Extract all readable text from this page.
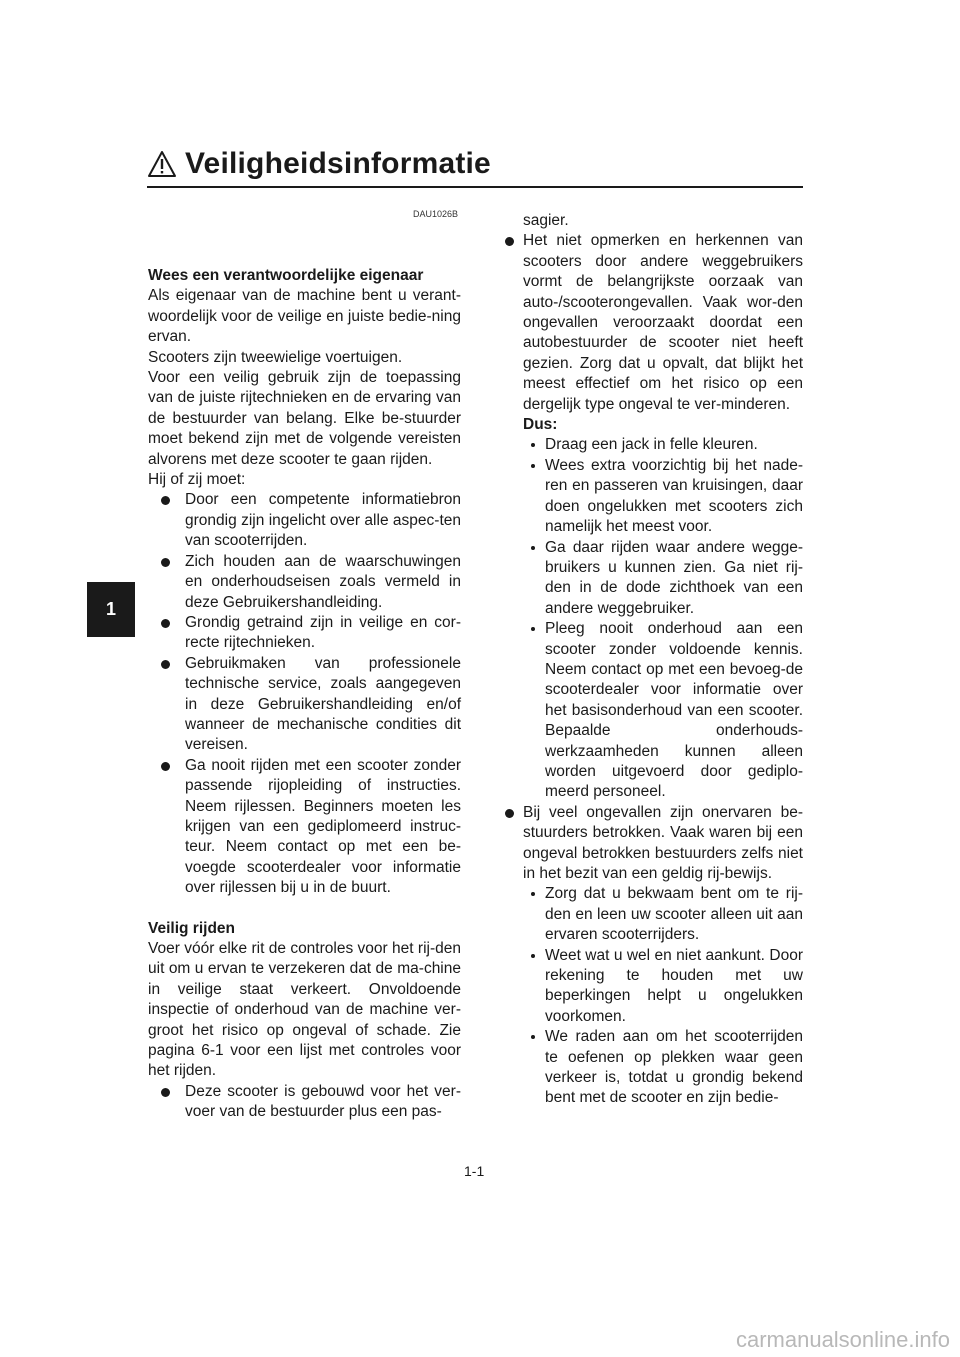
1
Veiligheidsinformatie
DAU1026B

Wees een verantwoordelijke eigenaar

Als eigenaar van de machine bent u verant-woordelijk voor de veilige en juiste bedie-ning ervan.

Scooters zijn tweewielige voertuigen.

Voor een veilig gebruik zijn de toepassing van de juiste rijtechnieken en de ervaring van de bestuurder van belang. Elke be-stuurder moet bekend zijn met de volgende vereisten alvorens met deze scooter te gaan rijden.

Hij of zij moet:

Door een competente informatiebron grondig zijn ingelicht over alle aspec-ten van scooterrijden.

Zich houden aan de waarschuwingen en onderhoudseisen zoals vermeld in deze Gebruikershandleiding.

Grondig getraind zijn in veilige en cor-recte rijtechnieken.

Gebruikmaken van professionele technische service, zoals aangegeven in deze Gebruikershandleiding en/of wanneer de mechanische condities dit vereisen.

Ga nooit rijden met een scooter zonder passende rijopleiding of instructies. Neem rijlessen. Beginners moeten les krijgen van een gediplomeerd instruc-teur. Neem contact op met een be-voegde scooterdealer voor informatie over rijlessen bij u in de buurt.

Veilig rijden

Voer vóór elke rit de controles voor het rij-den uit om u ervan te verzekeren dat de ma-chine in veilige staat verkeert. Onvoldoende inspectie of onderhoud van de machine ver-groot het risico op ongeval of schade. Zie pagina 6-1 voor een lijst met controles voor het rijden.

Deze scooter is gebouwd voor het ver-voer van de bestuurder plus een pas-

sagier.

Het niet opmerken en herkennen van scooters door andere weggebruikers vormt de belangrijkste oorzaak van auto-/scooterongevallen. Vaak wor-den ongevallen veroorzaakt doordat een autobestuurder de scooter niet heeft gezien. Zorg dat u opvalt, dat blijkt het meest effectief om het risico op een dergelijk type ongeval te ver-minderen.

Dus:

Draag een jack in felle kleuren.

Wees extra voorzichtig bij het nade-ren en passeren van kruisingen, daar doen ongelukken met scooters zich namelijk het meest voor.

Ga daar rijden waar andere wegge-bruikers u kunnen zien. Ga niet rij-den in de dode zichthoek van een andere weggebruiker.

Pleeg nooit onderhoud aan een scooter zonder voldoende kennis. Neem contact op met een bevoeg-de scooterdealer voor informatie over het basisonderhoud van een scooter. Bepaalde onderhouds-werkzaamheden kunnen alleen worden uitgevoerd door gediplo-meerd personeel.

Bij veel ongevallen zijn onervaren be-stuurders betrokken. Vaak waren bij een ongeval betrokken bestuurders zelfs niet in het bezit van een geldig rij-bewijs.

Zorg dat u bekwaam bent om te rij-den en leen uw scooter alleen uit aan ervaren scooterrijders.

Weet wat u wel en niet aankunt. Door rekening te houden met uw beperkingen helpt u ongelukken voorkomen.

We raden aan om het scooterrijden te oefenen op plekken waar geen verkeer is, totdat u grondig bekend bent met de scooter en zijn bedie-

1-1
carmanualsonline.info
